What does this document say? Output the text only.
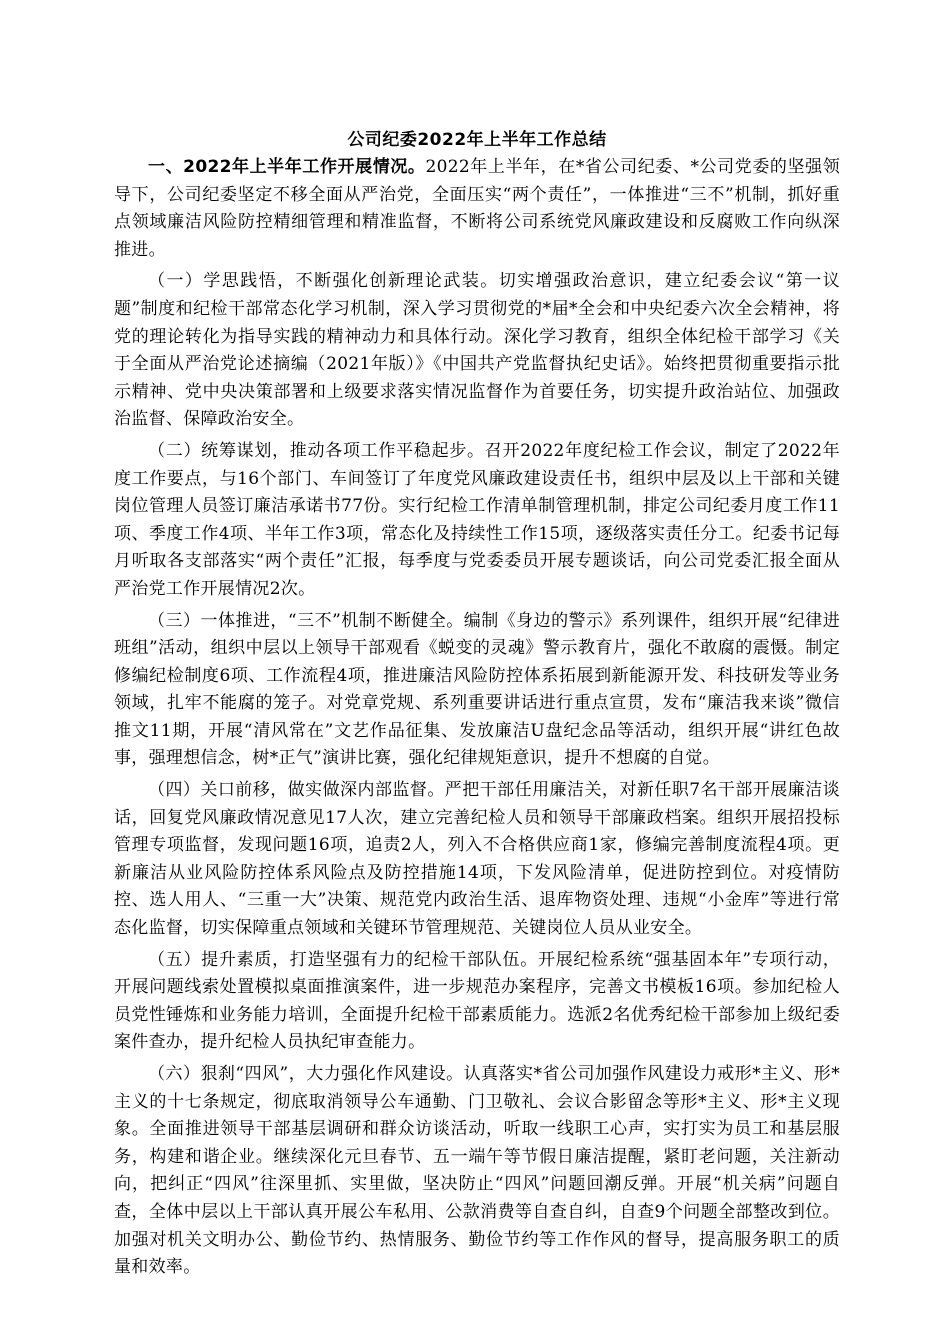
公司纪委2022年上半年工作总结

一、2022年上半年工作开展情况。2022年上半年，在*省公司纪委、*公司党委的坚强领导下，公司纪委坚定不移全面从严治党，全面压实“两个责任”，一体推进“三不”机制，抓好重点领域廉洁风险防控精细管理和精准监督，不断将公司系统党风廉政建设和反腐败工作向纵深推进。

（一）学思践悟，不断强化创新理论武装。切实增强政治意识，建立纪委会议“第一议题”制度和纪检干部常态化学习机制，深入学习贯彻党的*届*全会和中央纪委六次全会精神，将党的理论转化为指导实践的精神动力和具体行动。深化学习教育，组织全体纪检干部学习《关于全面从严治党论述摘编（2021年版）》《中国共产党监督执纪史话》。始终把贯彻重要指示批示精神、党中央决策部署和上级要求落实情况监督作为首要任务，切实提升政治站位、加强政治监督、保障政治安全。

（二）统筹谋划，推动各项工作平稳起步。召开2022年度纪检工作会议，制定了2022年度工作要点，与16个部门、车间签订了年度党风廉政建设责任书，组织中层及以上干部和关键岗位管理人员签订廉洁承诺书77份。实行纪检工作清单制管理机制，排定公司纪委月度工作11项、季度工作4项、半年工作3项，常态化及持续性工作15项，逐级落实责任分工。纪委书记每月听取各支部落实“两个责任”汇报，每季度与党委委员开展专题谈话，向公司党委汇报全面从严治党工作开展情况2次。

（三）一体推进，“三不”机制不断健全。编制《身边的警示》系列课件，组织开展“纪律进班组”活动，组织中层以上领导干部观看《蜕变的灵魂》警示教育片，强化不敢腐的震慑。制定修编纪检制度6项、工作流程4项，推进廉洁风险防控体系拓展到新能源开发、科技研发等业务领域，扎牢不能腐的笼子。对党章党规、系列重要讲话进行重点宣贯，发布“廉洁我来谈”微信推文11期，开展“清风常在”文艺作品征集、发放廉洁U盘纪念品等活动，组织开展“讲红色故事，强理想信念，树*正气”演讲比赛，强化纪律规矩意识，提升不想腐的自觉。

（四）关口前移，做实做深内部监督。严把干部任用廉洁关，对新任职7名干部开展廉洁谈话，回复党风廉政情况意见17人次，建立完善纪检人员和领导干部廉政档案。组织开展招投标管理专项监督，发现问题16项，追责2人，列入不合格供应商1家，修编完善制度流程4项。更新廉洁从业风险防控体系风险点及防控措施14项，下发风险清单，促进防控到位。对疫情防控、选人用人、“三重一大”决策、规范党内政治生活、退库物资处理、违规“小金库”等进行常态化监督，切实保障重点领域和关键环节管理规范、关键岗位人员从业安全。

（五）提升素质，打造坚强有力的纪检干部队伍。开展纪检系统“强基固本年”专项行动，开展问题线索处置模拟桌面推演案件，进一步规范办案程序，完善文书模板16项。参加纪检人员党性锤炼和业务能力培训，全面提升纪检干部素质能力。选派2名优秀纪检干部参加上级纪委案件查办，提升纪检人员执纪审查能力。

（六）狠刹“四风”，大力强化作风建设。认真落实*省公司加强作风建设力戒形*主义、形*主义的十七条规定，彻底取消领导公车通勤、门卫敬礼、会议合影留念等形*主义、形*主义现象。全面推进领导干部基层调研和群众访谈活动，听取一线职工心声，实打实为员工和基层服务，构建和谐企业。继续深化元旦春节、五一端午等节假日廉洁提醒，紧盯老问题，关注新动向，把纠正“四风”往深里抓、实里做，坚决防止“四风”问题回潮反弹。开展“机关病”问题自查，全体中层以上干部认真开展公车私用、公款消费等自查自纠，自查9个问题全部整改到位。加强对机关文明办公、勤俭节约、热情服务、勤俭节约等工作作风的督导，提高服务职工的质量和效率。
